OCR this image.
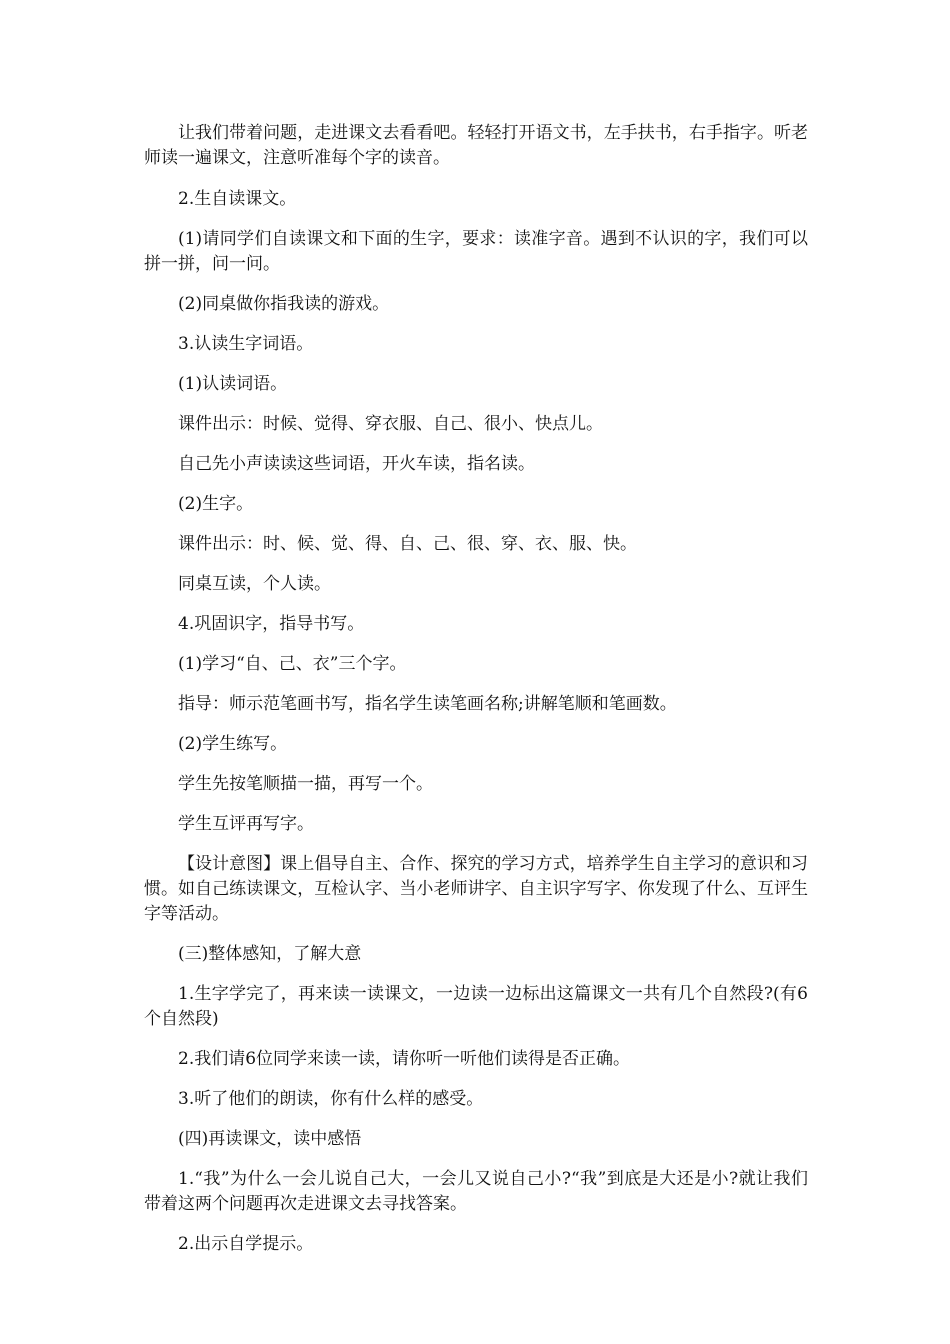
让我们带着问题，走进课文去看看吧。轻轻打开语文书，左手扶书，右手指字。听老师读一遍课文，注意听准每个字的读音。

2.生自读课文。

(1)请同学们自读课文和下面的生字，要求：读准字音。遇到不认识的字，我们可以拼一拼，问一问。

(2)同桌做你指我读的游戏。

3.认读生字词语。

(1)认读词语。

课件出示：时候、觉得、穿衣服、自己、很小、快点儿。

自己先小声读读这些词语，开火车读，指名读。

(2)生字。

课件出示：时、候、觉、得、自、己、很、穿、衣、服、快。

同桌互读，个人读。

4.巩固识字，指导书写。

(1)学习“自、己、衣”三个字。

指导：师示范笔画书写，指名学生读笔画名称;讲解笔顺和笔画数。

(2)学生练写。

学生先按笔顺描一描，再写一个。

学生互评再写字。

【设计意图】课上倡导自主、合作、探究的学习方式，培养学生自主学习的意识和习惯。如自己练读课文，互检认字、当小老师讲字、自主识字写字、你发现了什么、互评生字等活动。

(三)整体感知，了解大意

1.生字学完了，再来读一读课文，一边读一边标出这篇课文一共有几个自然段?(有6个自然段)

2.我们请6位同学来读一读，请你听一听他们读得是否正确。

3.听了他们的朗读，你有什么样的感受。

(四)再读课文，读中感悟

1.“我”为什么一会儿说自己大，一会儿又说自己小?“我”到底是大还是小?就让我们带着这两个问题再次走进课文去寻找答案。

2.出示自学提示。
